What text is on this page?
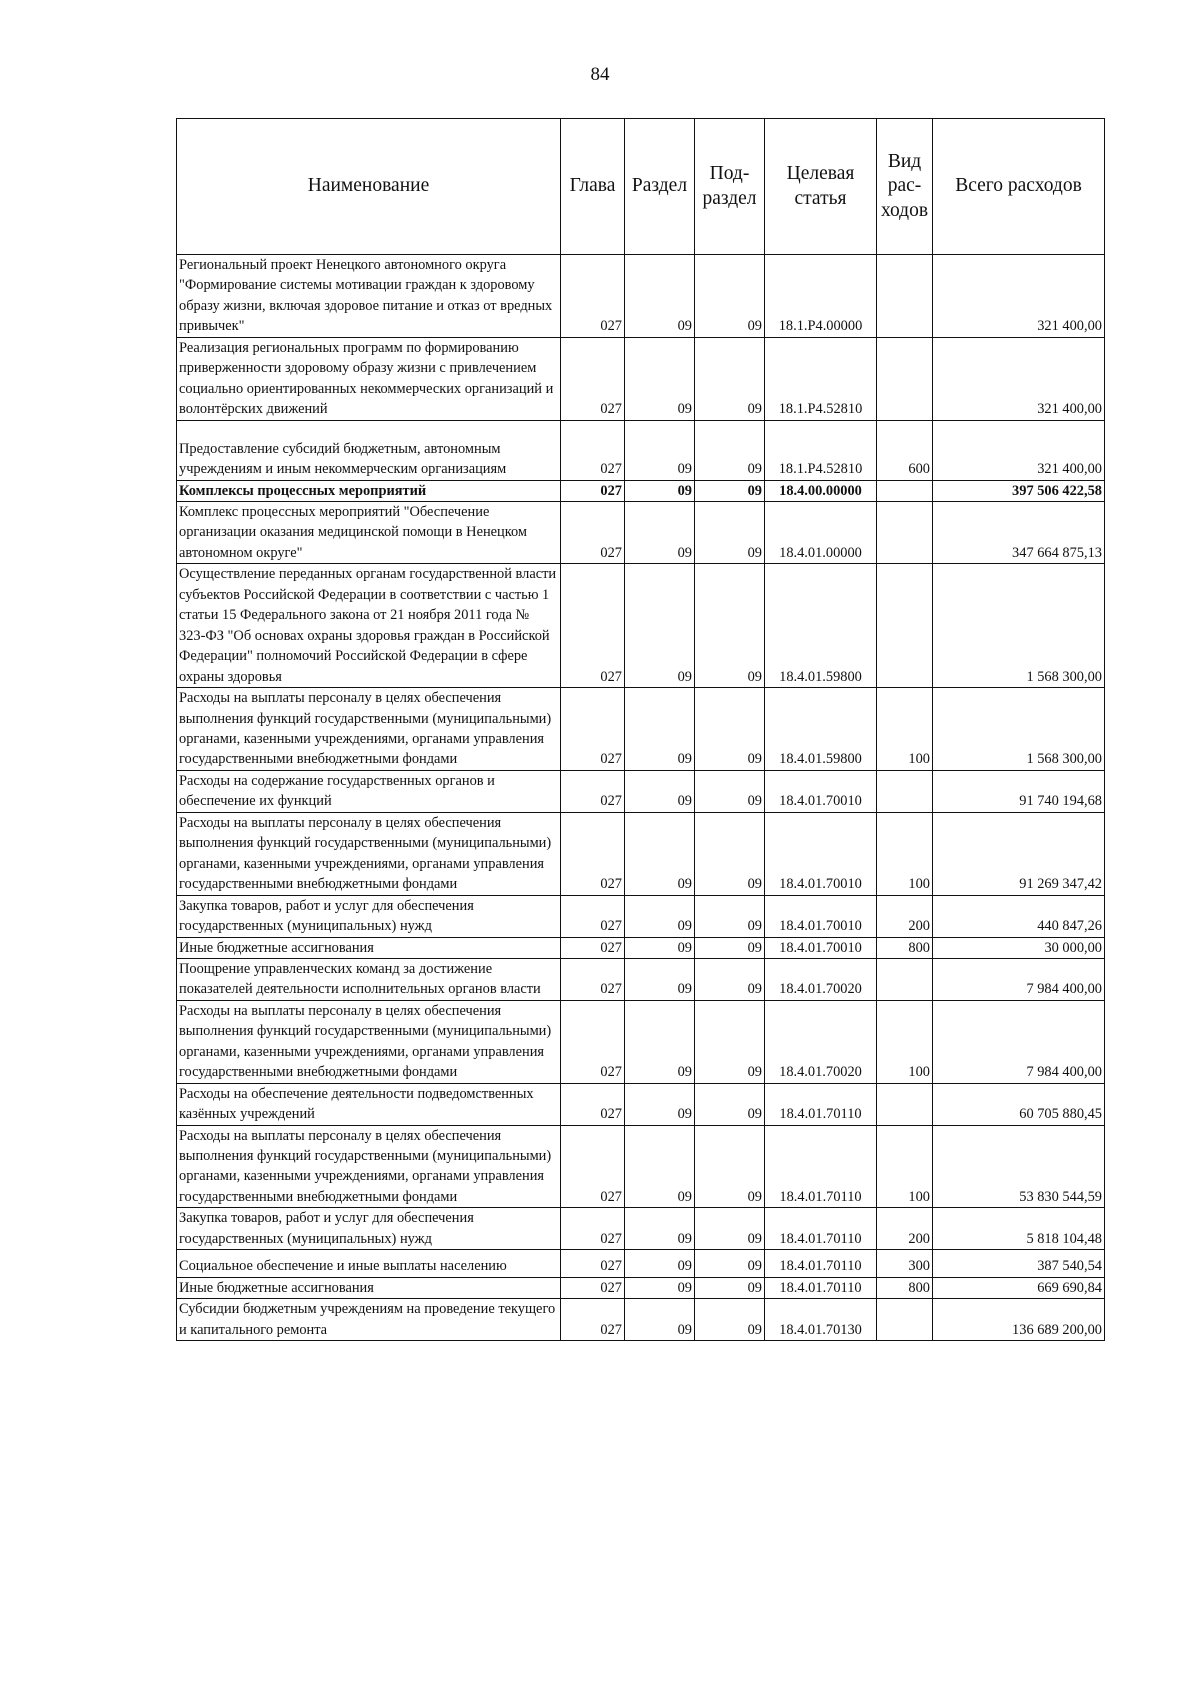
84
Наименование	Глава	Раздел	Под- раздел	Целевая статья	Вид рас- ходов	Всего расходов
Региональный проект Ненецкого автономного округа "Формирование системы мотивации граждан к здоровому образу жизни, включая здоровое питание и отказ от вредных привычек"	027	09	09	18.1.Р4.00000		321 400,00
Реализация региональных программ по формированию приверженности здоровому образу жизни с привлечением социально ориентированных некоммерческих организаций и волонтёрских движений	027	09	09	18.1.Р4.52810		321 400,00
Предоставление субсидий бюджетным, автономным учреждениям и иным некоммерческим организациям	027	09	09	18.1.Р4.52810	600	321 400,00
Комплексы процессных мероприятий	027	09	09	18.4.00.00000		397 506 422,58
Комплекс процессных мероприятий "Обеспечение организации оказания медицинской помощи в Ненецком автономном округе"	027	09	09	18.4.01.00000		347 664 875,13
Осуществление переданных органам государственной власти субъектов Российской Федерации в соответствии с частью 1 статьи 15 Федерального закона от 21 ноября 2011 года № 323-ФЗ "Об основах охраны здоровья граждан в Российской Федерации" полномочий Российской Федерации в сфере охраны здоровья	027	09	09	18.4.01.59800		1 568 300,00
Расходы на выплаты персоналу в целях обеспечения выполнения функций государственными (муниципальными) органами, казенными учреждениями, органами управления государственными внебюджетными фондами	027	09	09	18.4.01.59800	100	1 568 300,00
Расходы на содержание государственных органов и обеспечение их функций	027	09	09	18.4.01.70010		91 740 194,68
Расходы на выплаты персоналу в целях обеспечения выполнения функций государственными (муниципальными) органами, казенными учреждениями, органами управления государственными внебюджетными фондами	027	09	09	18.4.01.70010	100	91 269 347,42
Закупка товаров, работ и услуг для обеспечения государственных (муниципальных) нужд	027	09	09	18.4.01.70010	200	440 847,26
Иные бюджетные ассигнования	027	09	09	18.4.01.70010	800	30 000,00
Поощрение управленческих команд за достижение показателей деятельности исполнительных органов власти	027	09	09	18.4.01.70020		7 984 400,00
Расходы на выплаты персоналу в целях обеспечения выполнения функций государственными (муниципальными) органами, казенными учреждениями, органами управления государственными внебюджетными фондами	027	09	09	18.4.01.70020	100	7 984 400,00
Расходы на обеспечение деятельности подведомственных казённых учреждений	027	09	09	18.4.01.70110		60 705 880,45
Расходы на выплаты персоналу в целях обеспечения выполнения функций государственными (муниципальными) органами, казенными учреждениями, органами управления государственными внебюджетными фондами	027	09	09	18.4.01.70110	100	53 830 544,59
Закупка товаров, работ и услуг для обеспечения государственных (муниципальных) нужд	027	09	09	18.4.01.70110	200	5 818 104,48
Социальное обеспечение и иные выплаты населению	027	09	09	18.4.01.70110	300	387 540,54
Иные бюджетные ассигнования	027	09	09	18.4.01.70110	800	669 690,84
Субсидии бюджетным учреждениям на проведение текущего и капитального ремонта	027	09	09	18.4.01.70130		136 689 200,00
